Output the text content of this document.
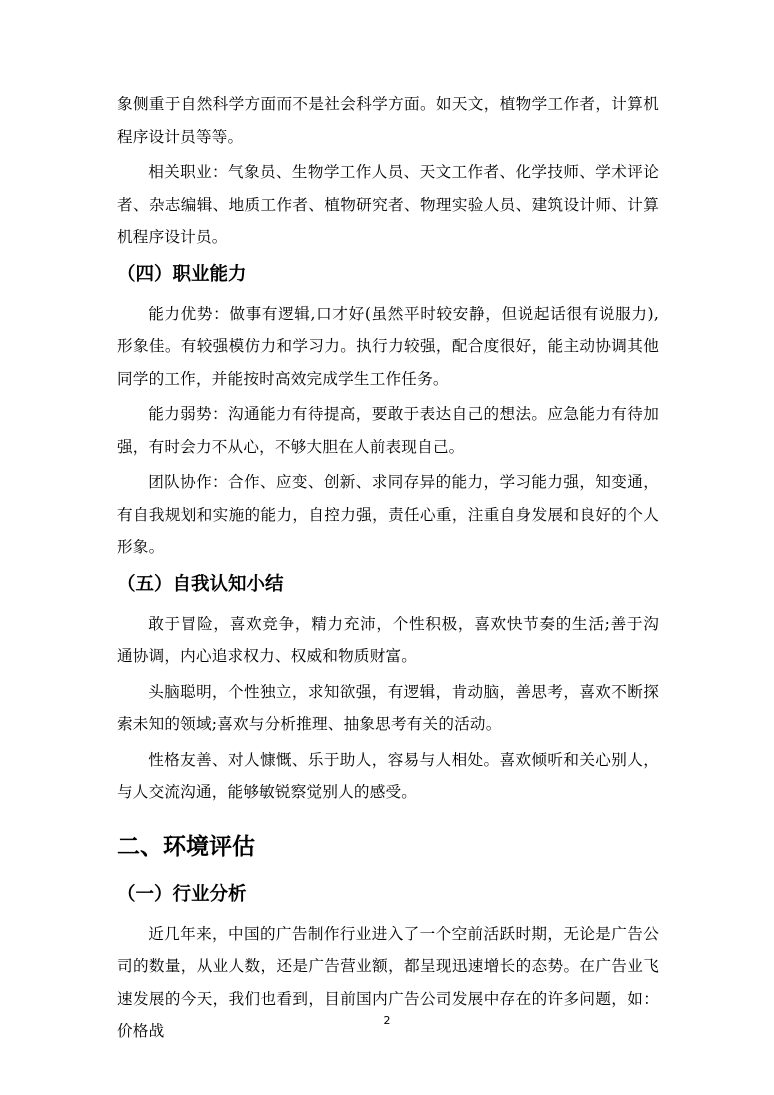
象侧重于自然科学方面而不是社会科学方面。如天文，植物学工作者，计算机程序设计员等等。

相关职业：气象员、生物学工作人员、天文工作者、化学技师、学术评论者、杂志编辑、地质工作者、植物研究者、物理实验人员、建筑设计师、计算机程序设计员。

（四）职业能力

能力优势：做事有逻辑,口才好(虽然平时较安静，但说起话很有说服力),形象佳。有较强模仿力和学习力。执行力较强，配合度很好，能主动协调其他同学的工作，并能按时高效完成学生工作任务。

能力弱势：沟通能力有待提高，要敢于表达自己的想法。应急能力有待加强，有时会力不从心，不够大胆在人前表现自己。

团队协作：合作、应变、创新、求同存异的能力，学习能力强，知变通，有自我规划和实施的能力，自控力强，责任心重，注重自身发展和良好的个人形象。

（五）自我认知小结

敢于冒险，喜欢竞争，精力充沛，个性积极，喜欢快节奏的生活;善于沟通协调，内心追求权力、权威和物质财富。

头脑聪明，个性独立，求知欲强，有逻辑，肯动脑，善思考，喜欢不断探索未知的领域;喜欢与分析推理、抽象思考有关的活动。

性格友善、对人慷慨、乐于助人，容易与人相处。喜欢倾听和关心别人，与人交流沟通，能够敏锐察觉别人的感受。

二、环境评估
（一）行业分析

近几年来，中国的广告制作行业进入了一个空前活跃时期，无论是广告公司的数量，从业人数，还是广告营业额，都呈现迅速增长的态势。在广告业飞速发展的今天，我们也看到，目前国内广告公司发展中存在的许多问题，如：价格战

2
